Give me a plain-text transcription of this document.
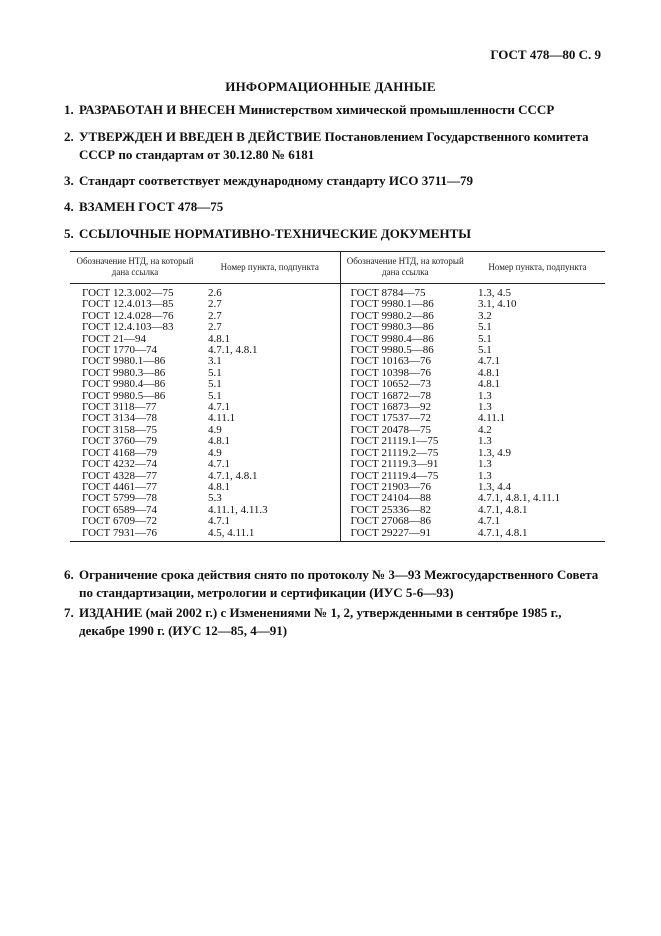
ГОСТ 478—80 С. 9
ИНФОРМАЦИОННЫЕ ДАННЫЕ
1. РАЗРАБОТАН И ВНЕСЕН Министерством химической промышленности СССР
2. УТВЕРЖДЕН И ВВЕДЕН В ДЕЙСТВИЕ Постановлением Государственного комитета СССР по стандартам от 30.12.80 № 6181
3. Стандарт соответствует международному стандарту ИСО 3711—79
4. ВЗАМЕН ГОСТ 478—75
5. ССЫЛОЧНЫЕ НОРМАТИВНО-ТЕХНИЧЕСКИЕ ДОКУМЕНТЫ
Обозначение НТД, на который дана ссылка	Номер пункта, подпункта	Обозначение НТД, на который дана ссылка	Номер пункта, подпункта
ГОСТ 12.3.002—75	2.6	ГОСТ 8784—75	1.3, 4.5
ГОСТ 12.4.013—85	2.7	ГОСТ 9980.1—86	3.1, 4.10
ГОСТ 12.4.028—76	2.7	ГОСТ 9980.2—86	3.2
ГОСТ 12.4.103—83	2.7	ГОСТ 9980.3—86	5.1
ГОСТ 21—94	4.8.1	ГОСТ 9980.4—86	5.1
ГОСТ 1770—74	4.7.1, 4.8.1	ГОСТ 9980.5—86	5.1
ГОСТ 9980.1—86	3.1	ГОСТ 10163—76	4.7.1
ГОСТ 9980.3—86	5.1	ГОСТ 10398—76	4.8.1
ГОСТ 9980.4—86	5.1	ГОСТ 10652—73	4.8.1
ГОСТ 9980.5—86	5.1	ГОСТ 16872—78	1.3
ГОСТ 3118—77	4.7.1	ГОСТ 16873—92	1.3
ГОСТ 3134—78	4.11.1	ГОСТ 17537—72	4.11.1
ГОСТ 3158—75	4.9	ГОСТ 20478—75	4.2
ГОСТ 3760—79	4.8.1	ГОСТ 21119.1—75	1.3
ГОСТ 4168—79	4.9	ГОСТ 21119.2—75	1.3, 4.9
ГОСТ 4232—74	4.7.1	ГОСТ 21119.3—91	1.3
ГОСТ 4328—77	4.7.1, 4.8.1	ГОСТ 21119.4—75	1.3
ГОСТ 4461—77	4.8.1	ГОСТ 21903—76	1.3, 4.4
ГОСТ 5799—78	5.3	ГОСТ 24104—88	4.7.1, 4.8.1, 4.11.1
ГОСТ 6589—74	4.11.1, 4.11.3	ГОСТ 25336—82	4.7.1, 4.8.1
ГОСТ 6709—72	4.7.1	ГОСТ 27068—86	4.7.1
ГОСТ 7931—76	4.5, 4.11.1	ГОСТ 29227—91	4.7.1, 4.8.1
6. Ограничение срока действия снято по протоколу № 3—93 Межгосударственного Совета по стандартизации, метрологии и сертификации (ИУС 5-6—93)
7. ИЗДАНИЕ (май 2002 г.) с Изменениями № 1, 2, утвержденными в сентябре 1985 г., декабре 1990 г. (ИУС 12—85, 4—91)
